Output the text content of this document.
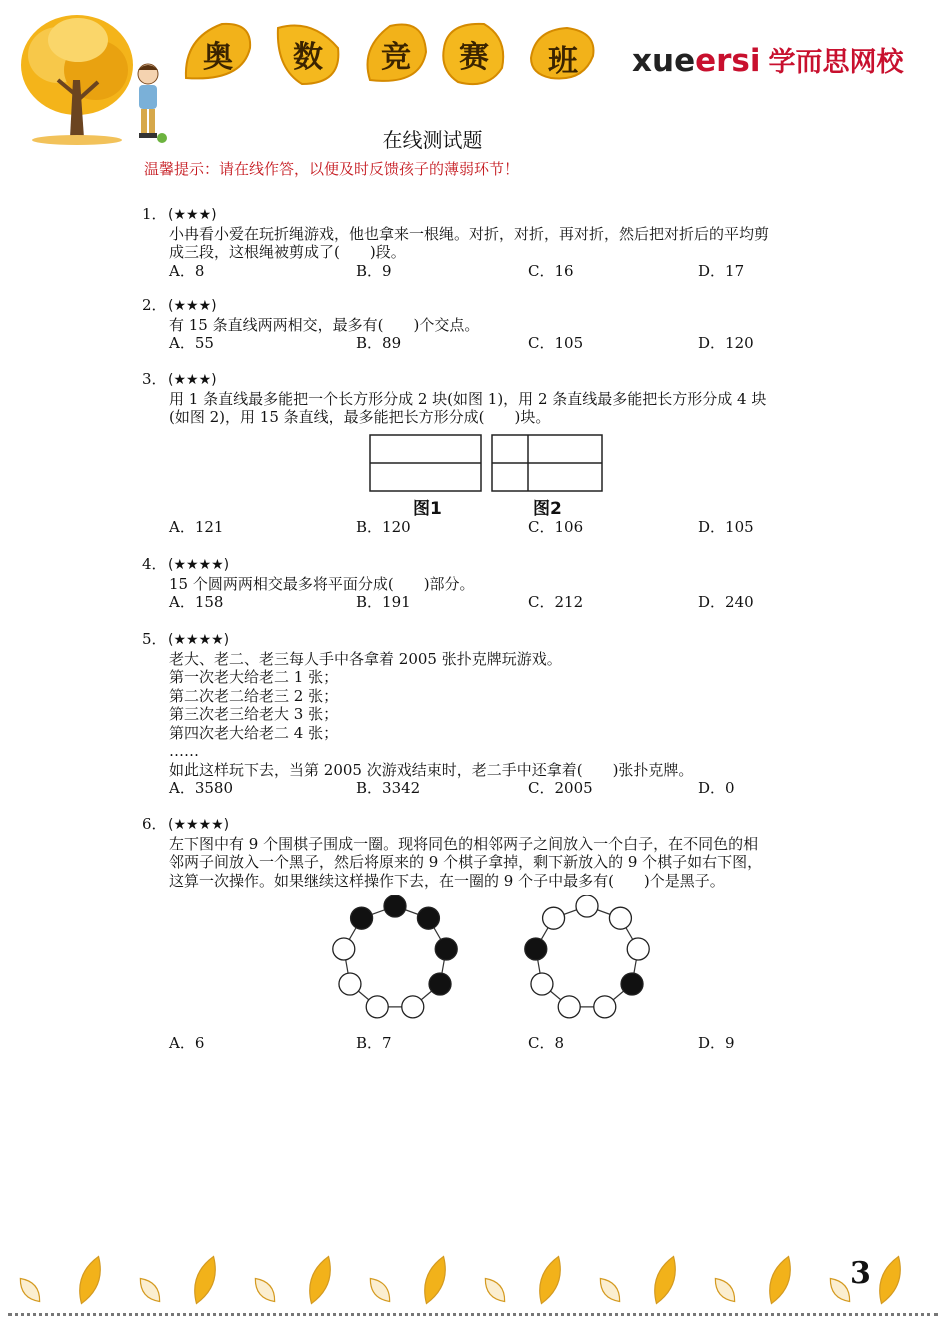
奥	数	竞	赛	班	xueersi 学而思网校
在线测试题
温馨提示：请在线作答，以便及时反馈孩子的薄弱环节！
1．(★★★)
小冉看小爱在玩折绳游戏，他也拿来一根绳。对折，对折，再对折，然后把对折后的平均剪
成三段，这根绳被剪成了(　　)段。
A．8	B．9	C．16	D．17
2．(★★★)
有 15 条直线两两相交，最多有(　　)个交点。
A．55	B．89	C．105	D．120
3．(★★★)
用 1 条直线最多能把一个长方形分成 2 块(如图 1)，用 2 条直线最多能把长方形分成 4 块
(如图 2)，用 15 条直线，最多能把长方形分成(　　)块。
图1	图2
A．121	B．120	C．106	D．105
4．(★★★★)
15 个圆两两相交最多将平面分成(　　)部分。
A．158	B．191	C．212	D．240
5．(★★★★)
老大、老二、老三每人手中各拿着 2005 张扑克牌玩游戏。
第一次老大给老二 1 张；
第二次老二给老三 2 张；
第三次老三给老大 3 张；
第四次老大给老二 4 张；
……
如此这样玩下去，当第 2005 次游戏结束时，老二手中还拿着(　　)张扑克牌。
A．3580	B．3342	C．2005	D．0
6．(★★★★)
左下图中有 9 个围棋子围成一圈。现将同色的相邻两子之间放入一个白子，在不同色的相
邻两子间放入一个黑子，然后将原来的 9 个棋子拿掉，剩下新放入的 9 个棋子如右下图，
这算一次操作。如果继续这样操作下去，在一圈的 9 个子中最多有(　　)个是黑子。
A．6	B．7	C．8	D．9
3
